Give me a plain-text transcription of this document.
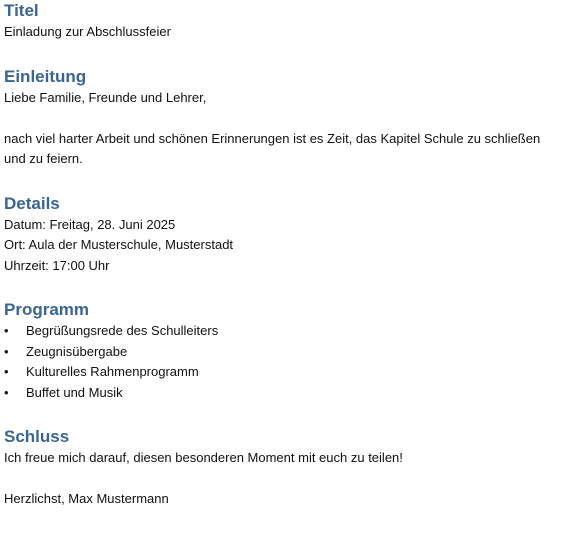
Titel

Einladung zur Abschlussfeier

Einleitung

Liebe Familie, Freunde und Lehrer,

nach viel harter Arbeit und schönen Erinnerungen ist es Zeit, das Kapitel Schule zu schließen und zu feiern.

Details

Datum: Freitag, 28. Juni 2025

Ort: Aula der Musterschule, Musterstadt

Uhrzeit: 17:00 Uhr

Programm
• Begrüßungsrede des Schulleiters
• Zeugnisübergabe
• Kulturelles Rahmenprogramm
• Buffet und Musik
Schluss

Ich freue mich darauf, diesen besonderen Moment mit euch zu teilen!

Herzlichst, Max Mustermann
